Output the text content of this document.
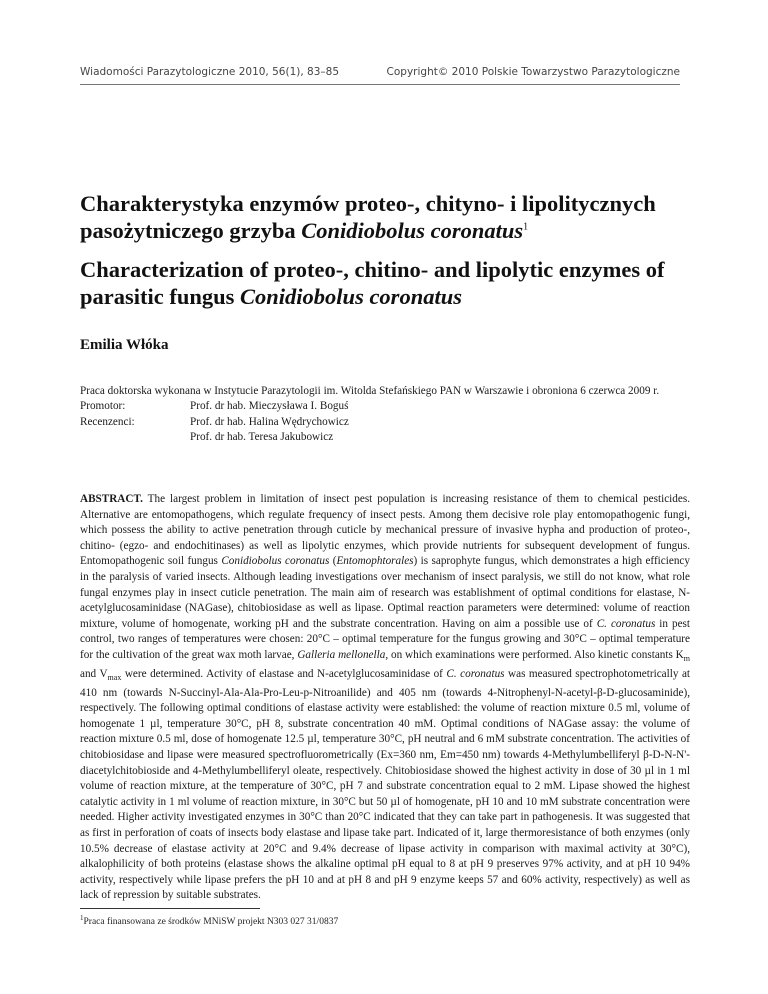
Wiadomości Parazytologiczne 2010, 56(1), 83–85	Copyright© 2010 Polskie Towarzystwo Parazytologiczne
Charakterystyka enzymów proteo-, chityno- i lipolitycznych
pasożytniczego grzyba Conidiobolus coronatus$^1$
Characterization of proteo-, chitino- and lipolytic enzymes of
parasitic fungus Conidiobolus coronatus
Emilia Włóka
Praca doktorska wykonana w Instytucie Parazytologii im. Witolda Stefańskiego PAN w Warszawie i obroniona 6 czerwca 2009 r.
Promotor:	Prof. dr hab. Mieczysława I. Boguś
Recenzenci:	Prof. dr hab. Halina Wędrychowicz
Prof. dr hab. Teresa Jakubowicz
ABSTRACT. The largest problem in limitation of insect pest population is increasing resistance of them to chemical pesticides. Alternative are entomopathogens, which regulate frequency of insect pests. Among them decisive role play entomopathogenic fungi, which possess the ability to active penetration through cuticle by mechanical pressure of invasive hypha and production of proteo-, chitino- (egzo- and endochitinases) as well as lipolytic enzymes, which provide nutrients for subsequent development of fungus. Entomopathogenic soil fungus Conidiobolus coronatus (Entomophtorales) is saprophyte fungus, which demonstrates a high efficiency in the paralysis of varied insects. Although leading investigations over mechanism of insect paralysis, we still do not know, what role fungal enzymes play in insect cuticle penetration. The main aim of research was establishment of optimal conditions for elastase, N-acetylglucosaminidase (NAGase), chitobiosidase as well as lipase. Optimal reaction parameters were determined: volume of reaction mixture, volume of homogenate, working pH and the substrate concentration. Having on aim a possible use of C. coronatus in pest control, two ranges of temperatures were chosen: 20°C – optimal temperature for the fungus growing and 30°C – optimal temperature for the cultivation of the great wax moth larvae, Galleria mellonella, on which examinations were performed. Also kinetic constants $K_m$ and $V_{max}$ were determined. Activity of elastase and N-acetylglucosaminidase of C. coronatus was measured spectrophotometrically at 410 nm (towards N-Succinyl-Ala-Ala-Pro-Leu-p-Nitroanilide) and 405 nm (towards 4-Nitrophenyl-N-acetyl-β-D-glucosaminide), respectively. The following optimal conditions of elastase activity were established: the volume of reaction mixture 0.5 ml, volume of homogenate 1 µl, temperature 30°C, pH 8, substrate concentration 40 mM. Optimal conditions of NAGase assay: the volume of reaction mixture 0.5 ml, dose of homogenate 12.5 µl, temperature 30°C, pH neutral and 6 mM substrate concentration. The activities of chitobiosidase and lipase were measured spectrofluorometrically (Ex=360 nm, Em=450 nm) towards 4-Methylumbelliferyl β-D-N-N'-diacetylchitobioside and 4-Methylumbelliferyl oleate, respectively. Chitobiosidase showed the highest activity in dose of 30 µl in 1 ml volume of reaction mixture, at the temperature of 30°C, pH 7 and substrate concentration equal to 2 mM. Lipase showed the highest catalytic activity in 1 ml volume of reaction mixture, in 30°C but 50 µl of homogenate, pH 10 and 10 mM substrate concentration were needed. Higher activity investigated enzymes in 30°C than 20°C indicated that they can take part in pathogenesis. It was suggested that as first in perforation of coats of insects body elastase and lipase take part. Indicated of it, large thermoresistance of both enzymes (only 10.5% decrease of elastase activity at 20°C and 9.4% decrease of lipase activity in comparison with maximal activity at 30°C), alkalophilicity of both proteins (elastase shows the alkaline optimal pH equal to 8 at pH 9 preserves 97% activity, and at pH 10 94% activity, respectively while lipase prefers the pH 10 and at pH 8 and pH 9 enzyme keeps 57 and 60% activity, respectively) as well as lack of repression by suitable substrates.
$^1$Praca finansowana ze środków MNiSW projekt N303 027 31/0837
